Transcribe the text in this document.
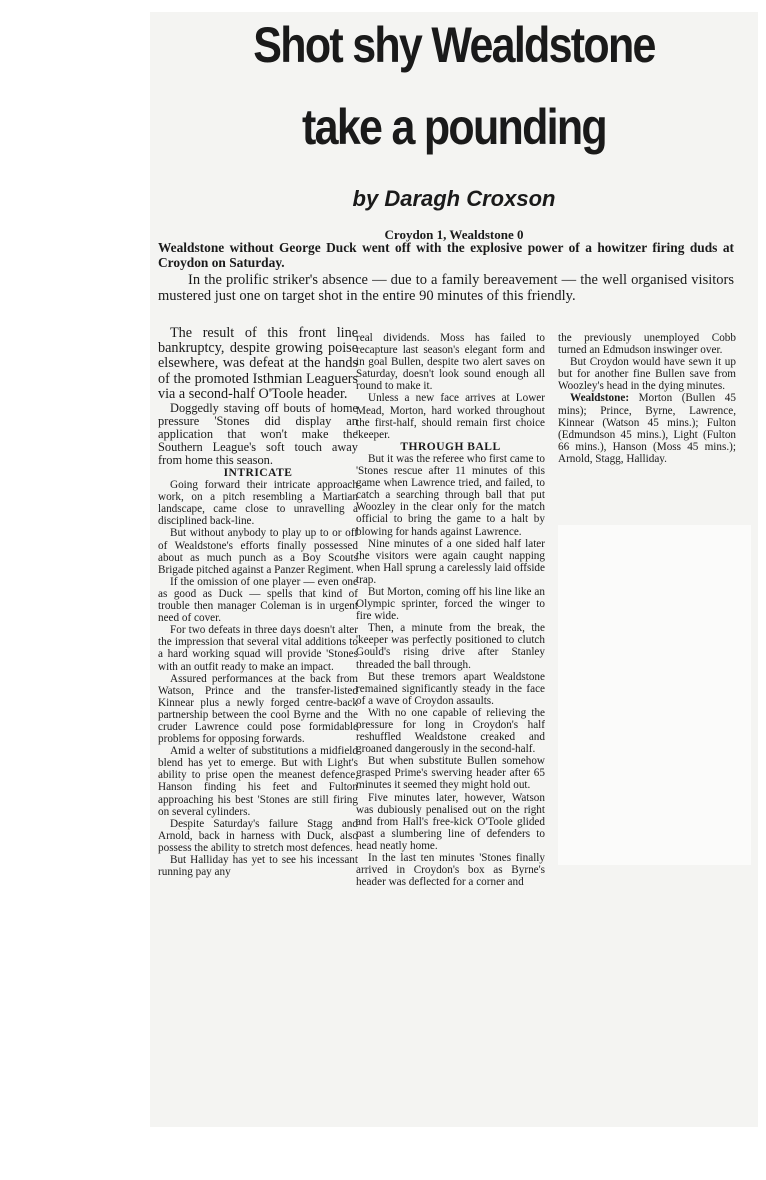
Shot shy Wealdstone
take a pounding
by Daragh Croxson
Croydon 1, Wealdstone 0
Wealdstone without George Duck went off with the explosive power of a howitzer firing duds at Croydon on Saturday.
In the prolific striker's absence — due to a family bereavement — the well organised visitors mustered just one on target shot in the entire 90 minutes of this friendly.

The result of this front line bankruptcy, despite growing poise elsewhere, was defeat at the hands of the promoted Isthmian Leaguers via a second-half O'Toole header.

Doggedly staving off bouts of home pressure 'Stones did display an application that won't make the Southern League's soft touch away from home this season.

INTRICATE

Going forward their intricate approach work, on a pitch resembling a Martian landscape, came close to unravelling a disciplined back-line.

But without anybody to play up to or off of Wealdstone's efforts finally possessed about as much punch as a Boy Scouts Brigade pitched against a Panzer Regiment.

If the omission of one player — even one as good as Duck — spells that kind of trouble then manager Coleman is in urgent need of cover.

For two defeats in three days doesn't alter the impression that several vital additions to a hard working squad will provide 'Stones with an outfit ready to make an impact.

Assured performances at the back from Watson, Prince and the transfer-listed Kinnear plus a newly forged centre-back partnership between the cool Byrne and the cruder Lawrence could pose formidable problems for opposing forwards.

Amid a welter of substitutions a midfield blend has yet to emerge. But with Light's ability to prise open the meanest defence, Hanson finding his feet and Fulton approaching his best 'Stones are still firing on several cylinders.

Despite Saturday's failure Stagg and Arnold, back in harness with Duck, also possess the ability to stretch most defences.

But Halliday has yet to see his incessant running pay any

real dividends. Moss has failed to recapture last season's elegant form and in goal Bullen, despite two alert saves on Saturday, doesn't look sound enough all round to make it.

Unless a new face arrives at Lower Mead, Morton, hard worked throughout the first-half, should remain first choice 'keeper.

THROUGH BALL

But it was the referee who first came to 'Stones rescue after 11 minutes of this game when Lawrence tried, and failed, to catch a searching through ball that put Woozley in the clear only for the match official to bring the game to a halt by blowing for hands against Lawrence.

Nine minutes of a one sided half later the visitors were again caught napping when Hall sprung a carelessly laid offside trap.

But Morton, coming off his line like an Olympic sprinter, forced the winger to fire wide.

Then, a minute from the break, the 'keeper was perfectly positioned to clutch Gould's rising drive after Stanley threaded the ball through.

But these tremors apart Wealdstone remained significantly steady in the face of a wave of Croydon assaults.

With no one capable of relieving the pressure for long in Croydon's half reshuffled Wealdstone creaked and groaned dangerously in the second-half.

But when substitute Bullen somehow grasped Prime's swerving header after 65 minutes it seemed they might hold out.

Five minutes later, however, Watson was dubiously penalised out on the right and from Hall's free-kick O'Toole glided past a slumbering line of defenders to head neatly home.

In the last ten minutes 'Stones finally arrived in Croydon's box as Byrne's header was deflected for a corner and

the previously unemployed Cobb turned an Edmudson inswinger over.

But Croydon would have sewn it up but for another fine Bullen save from Woozley's head in the dying minutes.

Wealdstone: Morton (Bullen 45 mins); Prince, Byrne, Lawrence, Kinnear (Watson 45 mins.); Fulton (Edmundson 45 mins.), Light (Fulton 66 mins.), Hanson (Moss 45 mins.); Arnold, Stagg, Halliday.
